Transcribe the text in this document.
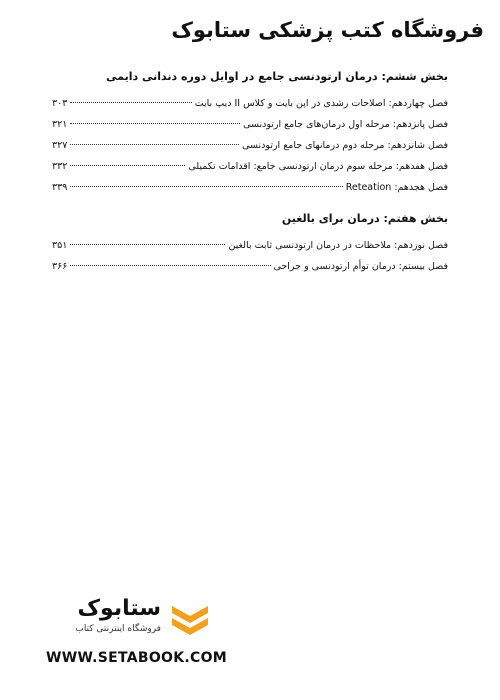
فروشگاه کتب پزشکی ستابوک
بخش ششم: درمان ارتودنسی جامع در اوایل دوره دندانی دایمی
فصل چهاردهم: اصلاحات رشدی در اپن بایت و کلاس II دیپ بایت
۳۰۳
فصل پانزدهم: مرحله اول درمان‌های جامع ارتودنسی
۳۲۱
فصل شانزدهم: مرحله دوم درمانهای جامع ارتودنسی
۳۲۷
فصل هفدهم: مرحله سوم درمان ارتودنسی جامع: اقدامات تکمیلی
۳۳۲
فصل هجدهم: Reteation
۳۳۹
بخش هفتم: درمان برای بالغین
فصل نوزدهم: ملاحظات در درمان ارتودنسی ثابت بالغین
۳۵۱
فصل بیستم: درمان توأم ارتودنسی و جراحی
۳۶۶
ستابوک
فروشگاه اینترنتی کتاب
WWW.SETABOOK.COM
